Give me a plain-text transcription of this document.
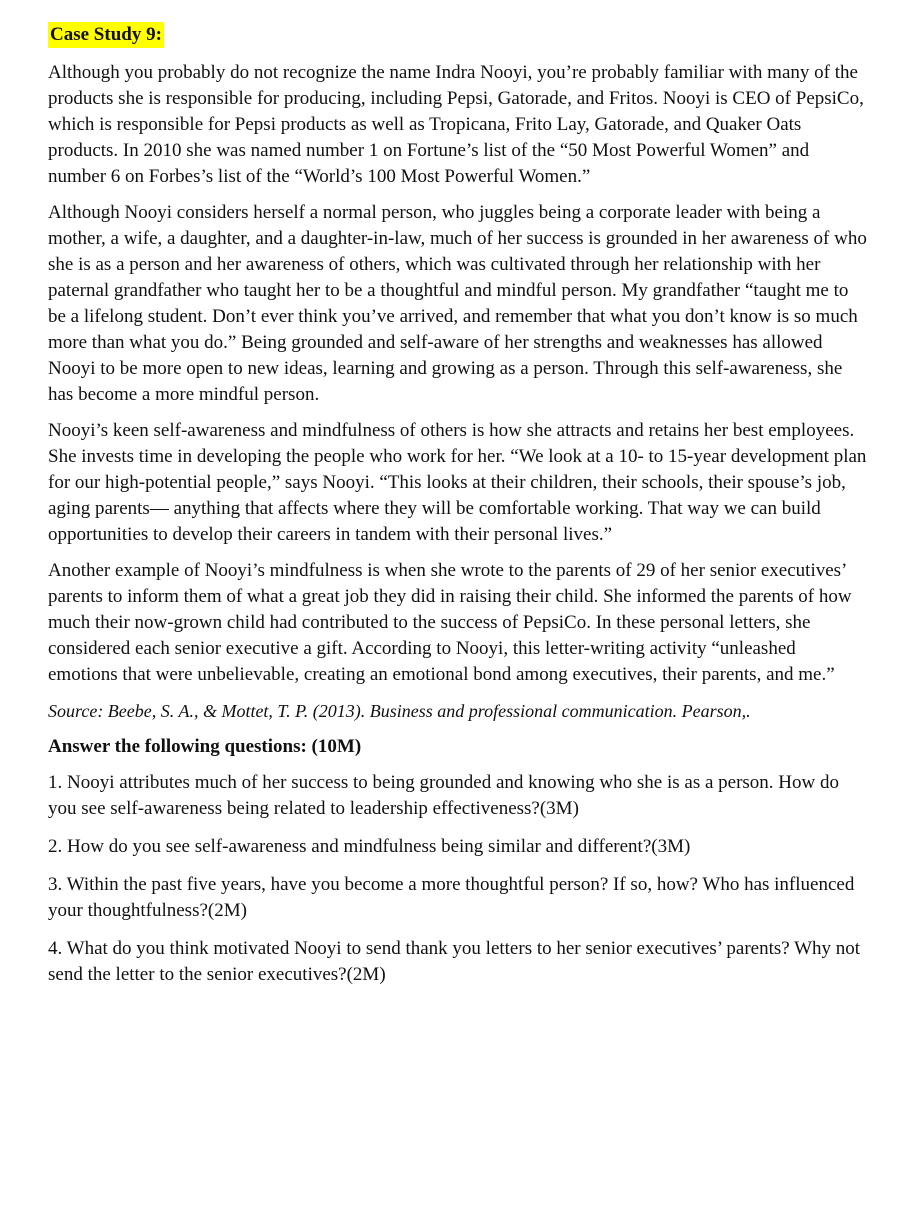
Case Study 9:

Although you probably do not recognize the name Indra Nooyi, you’re probably familiar with many of the products she is responsible for producing, including Pepsi, Gatorade, and Fritos. Nooyi is CEO of PepsiCo, which is responsible for Pepsi products as well as Tropicana, Frito Lay, Gatorade, and Quaker Oats products. In 2010 she was named number 1 on Fortune’s list of the “50 Most Powerful Women” and number 6 on Forbes’s list of the “World’s 100 Most Powerful Women.”

Although Nooyi considers herself a normal person, who juggles being a corporate leader with being a mother, a wife, a daughter, and a daughter-in-law, much of her success is grounded in her awareness of who she is as a person and her awareness of others, which was cultivated through her relationship with her paternal grandfather who taught her to be a thoughtful and mindful person. My grandfather “taught me to be a lifelong student. Don’t ever think you’ve arrived, and remember that what you don’t know is so much more than what you do.” Being grounded and self-aware of her strengths and weaknesses has allowed Nooyi to be more open to new ideas, learning and growing as a person. Through this self-awareness, she has become a more mindful person.

Nooyi’s keen self-awareness and mindfulness of others is how she attracts and retains her best employees. She invests time in developing the people who work for her. “We look at a 10- to 15-year development plan for our high-potential people,” says Nooyi. “This looks at their children, their schools, their spouse’s job, aging parents— anything that affects where they will be comfortable working. That way we can build opportunities to develop their careers in tandem with their personal lives.”

Another example of Nooyi’s mindfulness is when she wrote to the parents of 29 of her senior executives’ parents to inform them of what a great job they did in raising their child. She informed the parents of how much their now-grown child had contributed to the success of PepsiCo. In these personal letters, she considered each senior executive a gift. According to Nooyi, this letter-writing activity “unleashed emotions that were unbelievable, creating an emotional bond among executives, their parents, and me.”

Source: Beebe, S. A., & Mottet, T. P. (2013). Business and professional communication. Pearson,.

Answer the following questions: (10M)

1. Nooyi attributes much of her success to being grounded and knowing who she is as a person. How do you see self-awareness being related to leadership effectiveness?(3M)

2. How do you see self-awareness and mindfulness being similar and different?(3M)

3. Within the past five years, have you become a more thoughtful person? If so, how? Who has influenced your thoughtfulness?(2M)

4. What do you think motivated Nooyi to send thank you letters to her senior executives’ parents? Why not send the letter to the senior executives?(2M)
